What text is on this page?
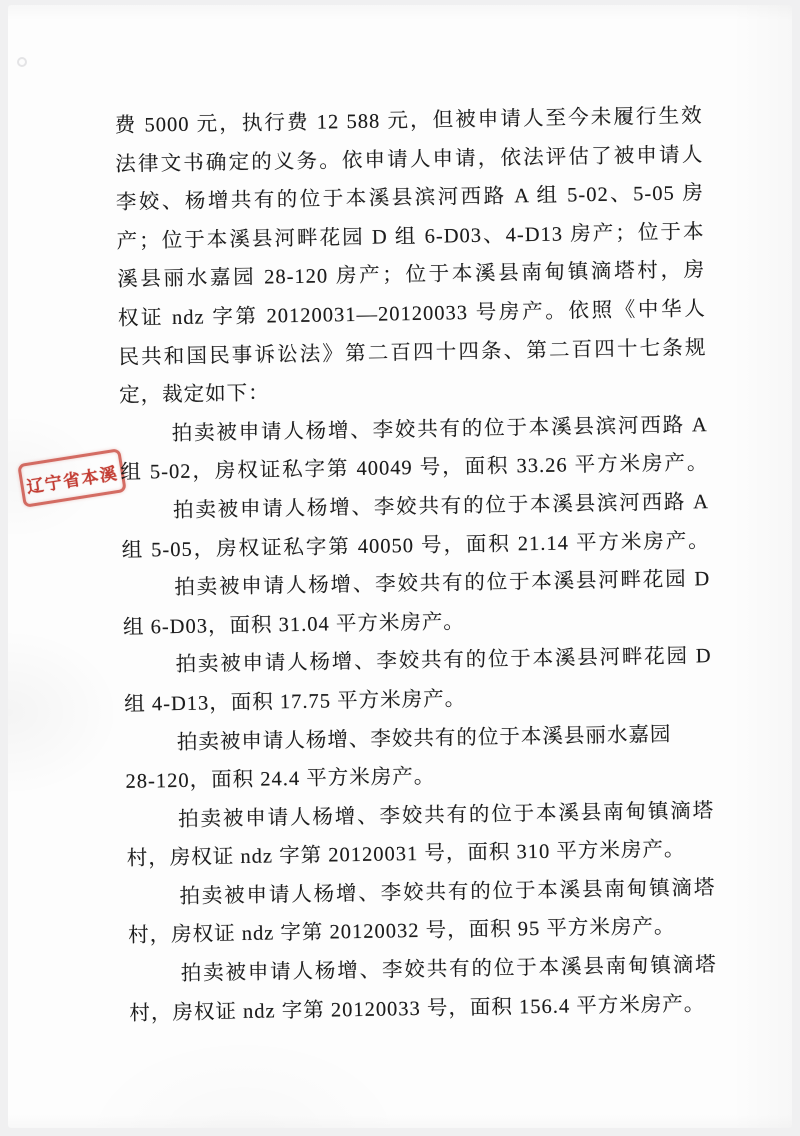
辽宁省本溪
费 5000 元，执行费 12 588 元，但被申请人至今未履行生效
法律文书确定的义务。依申请人申请，依法评估了被申请人
李姣、杨增共有的位于本溪县滨河西路 A 组 5-02、5-05 房
产；位于本溪县河畔花园 D 组 6-D03、4-D13 房产；位于本
溪县丽水嘉园 28-120 房产；位于本溪县南甸镇滴塔村，房
权证 ndz 字第 20120031—20120033 号房产。依照《中华人
民共和国民事诉讼法》第二百四十四条、第二百四十七条规
定，裁定如下：
拍卖被申请人杨增、李姣共有的位于本溪县滨河西路 A
组 5-02，房权证私字第 40049 号，面积 33.26 平方米房产。
拍卖被申请人杨增、李姣共有的位于本溪县滨河西路 A
组 5-05，房权证私字第 40050 号，面积 21.14 平方米房产。
拍卖被申请人杨增、李姣共有的位于本溪县河畔花园 D
组 6-D03，面积 31.04 平方米房产。
拍卖被申请人杨增、李姣共有的位于本溪县河畔花园 D
组 4-D13，面积 17.75 平方米房产。
拍卖被申请人杨增、李姣共有的位于本溪县丽水嘉园
28-120，面积 24.4 平方米房产。
拍卖被申请人杨增、李姣共有的位于本溪县南甸镇滴塔
村，房权证 ndz 字第 20120031 号，面积 310 平方米房产。
拍卖被申请人杨增、李姣共有的位于本溪县南甸镇滴塔
村，房权证 ndz 字第 20120032 号，面积 95 平方米房产。
拍卖被申请人杨增、李姣共有的位于本溪县南甸镇滴塔
村，房权证 ndz 字第 20120033 号，面积 156.4 平方米房产。
